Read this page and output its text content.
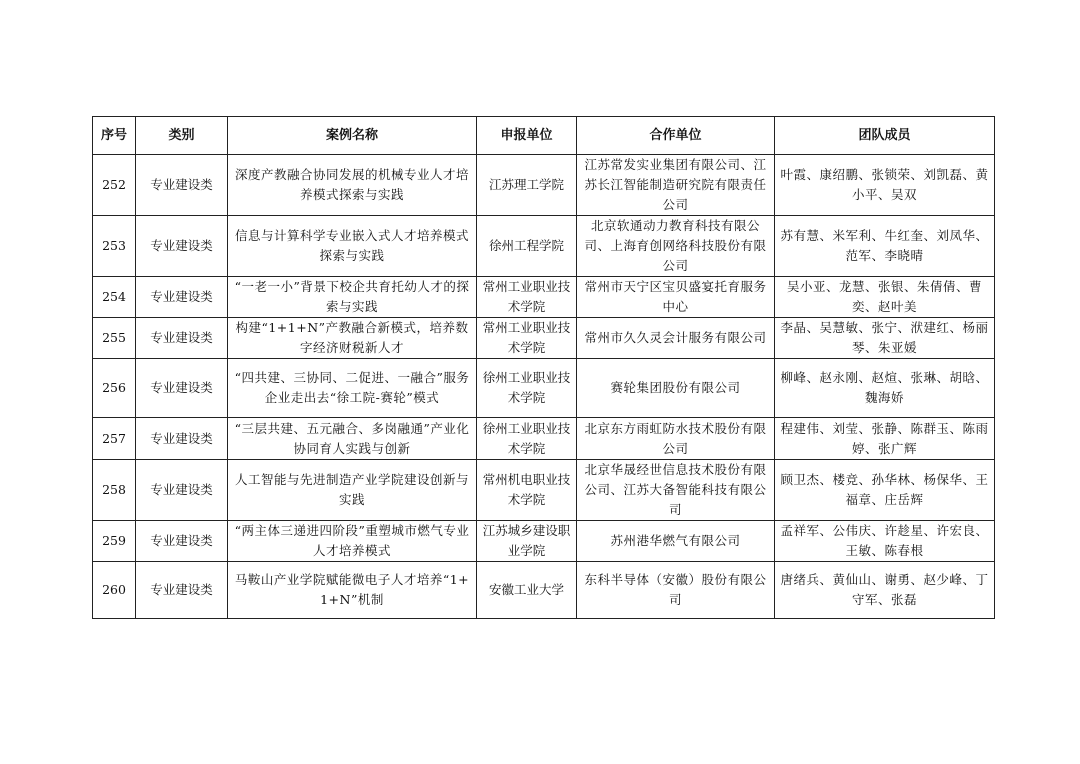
序号	类别	案例名称	申报单位	合作单位	团队成员
252	专业建设类	深度产教融合协同发展的机械专业人才培养模式探索与实践	江苏理工学院	江苏常发实业集团有限公司、江苏长江智能制造研究院有限责任公司	叶霞、康绍鹏、张锁荣、刘凯磊、黄小平、吴双
253	专业建设类	信息与计算科学专业嵌入式人才培养模式探索与实践	徐州工程学院	北京软通动力教育科技有限公司、上海育创网络科技股份有限公司	苏有慧、米军利、牛红奎、刘凤华、范军、李晓晴
254	专业建设类	“一老一小”背景下校企共育托幼人才的探索与实践	常州工业职业技术学院	常州市天宁区宝贝盛宴托育服务中心	吴小亚、龙慧、张银、朱倩倩、曹奕、赵叶美
255	专业建设类	构建“1+1+N”产教融合新模式，培养数字经济财税新人才	常州工业职业技术学院	常州市久久灵会计服务有限公司	李晶、吴慧敏、张宁、洑建红、杨丽琴、朱亚媛
256	专业建设类	“四共建、三协同、二促进、一融合”服务企业走出去“徐工院-赛轮”模式	徐州工业职业技术学院	赛轮集团股份有限公司	柳峰、赵永刚、赵煊、张琳、胡晗、魏海娇
257	专业建设类	“三层共建、五元融合、多岗融通”产业化协同育人实践与创新	徐州工业职业技术学院	北京东方雨虹防水技术股份有限公司	程建伟、刘莹、张静、陈群玉、陈雨婷、张广辉
258	专业建设类	人工智能与先进制造产业学院建设创新与实践	常州机电职业技术学院	北京华晟经世信息技术股份有限公司、江苏大备智能科技有限公司	顾卫杰、楼竞、孙华林、杨保华、王福章、庄岳辉
259	专业建设类	“两主体三递进四阶段”重塑城市燃气专业人才培养模式	江苏城乡建设职业学院	苏州港华燃气有限公司	孟祥军、公伟庆、许趁星、许宏良、王敏、陈春根
260	专业建设类	马鞍山产业学院赋能微电子人才培养“1+1+N”机制	安徽工业大学	东科半导体（安徽）股份有限公司	唐绪兵、黄仙山、谢勇、赵少峰、丁守军、张磊
